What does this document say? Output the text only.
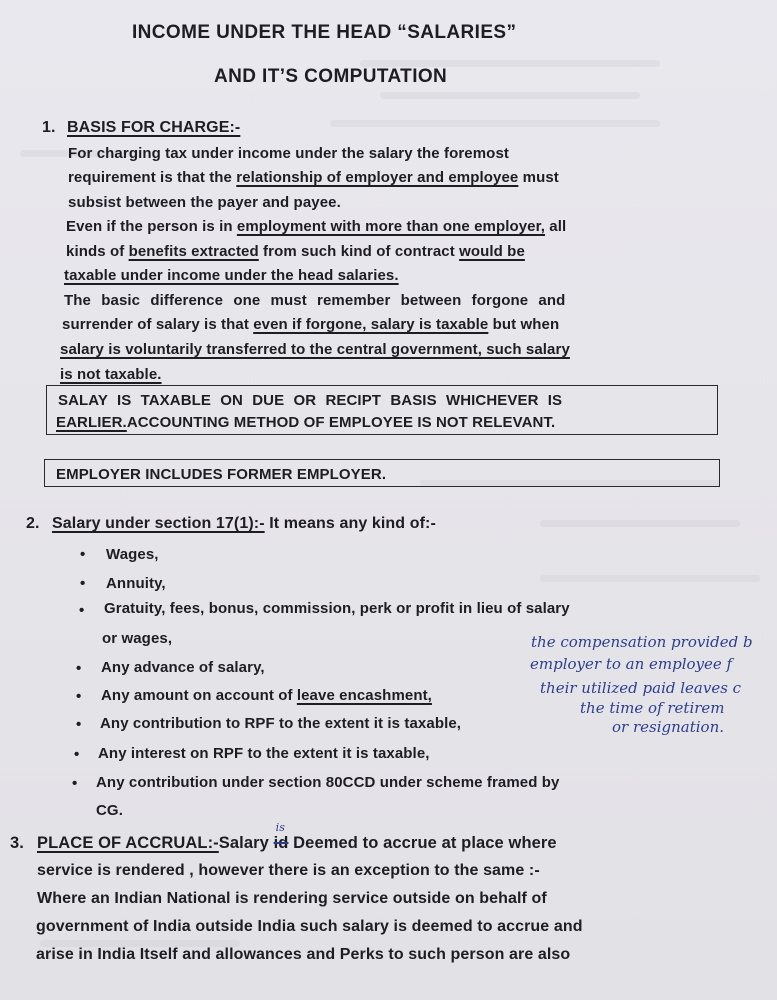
INCOME UNDER THE HEAD “SALARIES”
AND IT’S COMPUTATION
1. BASIS FOR CHARGE:-
For charging tax under income under the salary the foremost
requirement is that the relationship of employer and employee must
subsist between the payer and payee.
Even if the person is in employment with more than one employer, all
kinds of benefits extracted from such kind of contract would be
taxable under income under the head salaries.
The basic difference one must remember between forgone and
surrender of salary is that even if forgone, salary is taxable but when
salary is voluntarily transferred to the central government, such salary
is not taxable.
SALAY IS TAXABLE ON DUE OR RECIPT BASIS WHICHEVER IS
EARLIER.ACCOUNTING METHOD OF EMPLOYEE IS NOT RELEVANT.
EMPLOYER INCLUDES FORMER EMPLOYER.
2. Salary under section 17(1):- It means any kind of:-
• Wages,
• Annuity,
• Gratuity, fees, bonus, commission, perk or profit in lieu of salary
or wages,
• Any advance of salary,
• Any amount on account of leave encashment,
• Any contribution to RPF to the extent it is taxable,
• Any interest on RPF to the extent it is taxable,
• Any contribution under section 80CCD under scheme framed by
CG.
the compensation provided b
employer to an employee f
their utilized paid leaves c
the time of retirem
or resignation.
3. PLACE OF ACCRUAL:-Salary id
is
Deemed to accrue at place where
service is rendered , however there is an exception to the same :-
Where an Indian National is rendering service outside on behalf of
government of India outside India such salary is deemed to accrue and
arise in India Itself and allowances and Perks to such person are also
